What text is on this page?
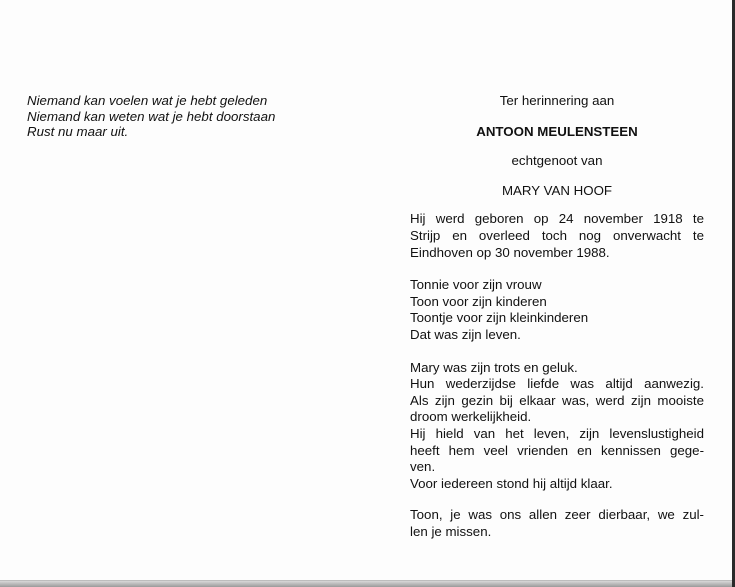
Niemand kan voelen wat je hebt geleden
Niemand kan weten wat je hebt doorstaan
Rust nu maar uit.
Ter herinnering aan
ANTOON MEULENSTEEN
echtgenoot van
MARY VAN HOOF
Hij werd geboren op 24 november 1918 te
Strijp en overleed toch nog onverwacht te
Eindhoven op 30 november 1988.
Tonnie voor zijn vrouw
Toon voor zijn kinderen
Toontje voor zijn kleinkinderen
Dat was zijn leven.
Mary was zijn trots en geluk.
Hun wederzijdse liefde was altijd aanwezig.
Als zijn gezin bij elkaar was, werd zijn mooiste
droom werkelijkheid.
Hij hield van het leven, zijn levenslustigheid
heeft hem veel vrienden en kennissen gege-
ven.
Voor iedereen stond hij altijd klaar.
Toon, je was ons allen zeer dierbaar, we zul-
len je missen.
